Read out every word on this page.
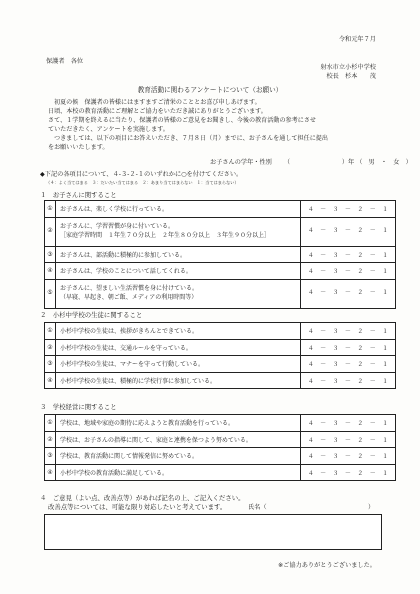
令和元年７月
保護者　各位
射水市立小杉中学校
校長　杉本　　茂
教育活動に関わるアンケートについて（お願い）
初夏の候　保護者の皆様にはますますご清栄のこととお喜び申しあげます。
日頃、本校の教育活動にご理解とご協力をいただき誠にありがとうございます。
さて、１学期を終えるに当たり、保護者の皆様のご意見をお聞きし、今後の教育活動の参考にさせ
ていただきたく、アンケートを実施します。
つきましては、以下の項目にお答えいただき、７月８日（月）までに、お子さんを通して担任に提出
をお願いいたします。
お子さんの学年・性別 （	）年 （　男　・　女　）
◆下記の各項目について、４‐３‐２‐１のいずれかに○を付けてください。
（４：よく当てはまる　３：だいたい当てはまる　２：あまり当てはまらない　１：当てはまらない）
１　お子さんに関すること
①	お子さんは、楽しく学校に行っている。	４　－　３　－　２　－　１
②	お子さんに、学習習慣が身に付いている。
［家庭学習時間　１年生７０分以上　２年生８０分以上　３年生９０分以上］	４　－　３　－　２　－　１
③	お子さんは、部活動に積極的に参加している。	４　－　３　－　２　－　１
④	お子さんは、学校のことについて話してくれる。	４　－　３　－　２　－　１
⑤	お子さんに、望ましい生活習慣を身に付けている。
（早寝、早起き、朝ご飯、メディアの利用時間等）	４　－　３　－　２　－　１
２　小杉中学校の生徒に関すること
①	小杉中学校の生徒は、挨拶がきちんとできている。	４　－　３　－　２　－　１
②	小杉中学校の生徒は、交通ルールを守っている。	４　－　３　－　２　－　１
③	小杉中学校の生徒は、マナーを守って行動している。	４　－　３　－　２　－　１
④	小杉中学校の生徒は、積極的に学校行事に参加している。	４　－　３　－　２　－　１
３　学校経営に関すること
①	学校は、地域や家庭の期待に応えようと教育活動を行っている。	４　－　３　－　２　－　１
②	学校は、お子さんの指導に関して、家庭と連携を保つよう努めている。	４　－　３　－　２　－　１
③	学校は、教育活動に関して情報発信に努めている。	４　－　３　－　２　－　１
④	小杉中学校の教育活動に満足している。	４　－　３　－　２　－　１
４　ご意見（よい点、改善点等）があれば記名の上、ご記入ください。
改善点等については、可能な限り対応したいと考えています。	氏名（	）
※ご協力ありがとうございました。
